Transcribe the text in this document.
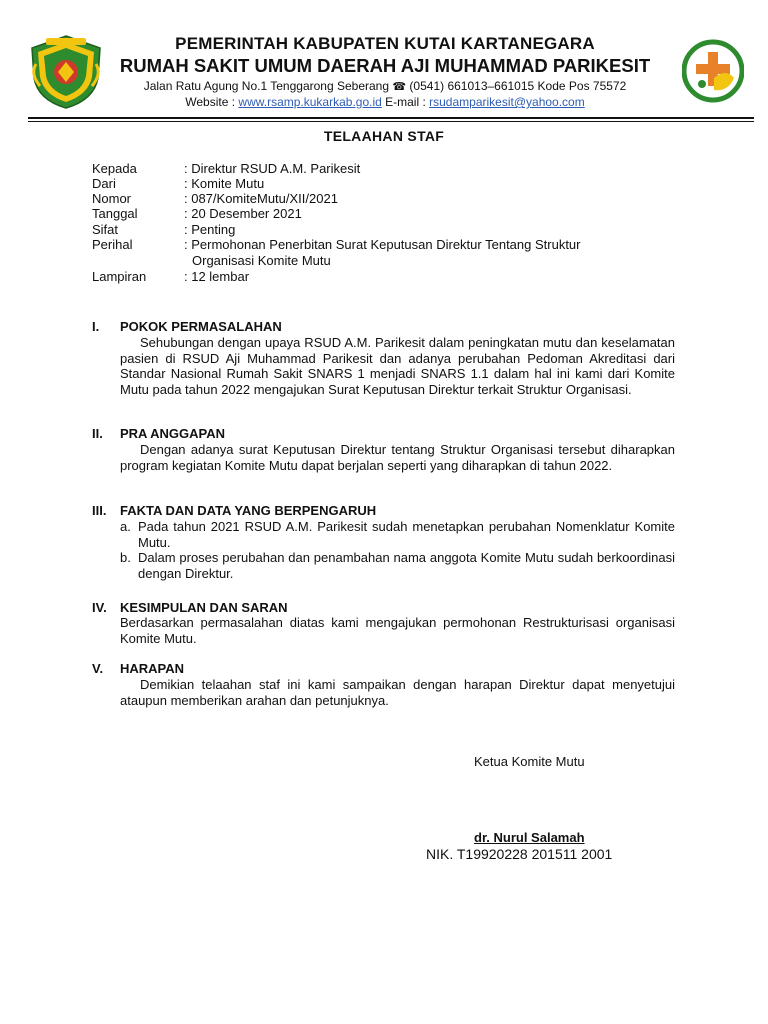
PEMERINTAH KABUPATEN KUTAI KARTANEGARA
RUMAH SAKIT UMUM DAERAH AJI MUHAMMAD PARIKESIT
Jalan Ratu Agung No.1 Tenggarong Seberang ☎ (0541) 661013–661015 Kode Pos 75572
Website : www.rsamp.kukarkab.go.id E-mail : rsudamparikesit@yahoo.com
TELAAHAN STAF
Kepada	: Direktur RSUD A.M. Parikesit
Dari	: Komite Mutu
Nomor	: 087/KomiteMutu/XII/2021
Tanggal	: 20 Desember 2021
Sifat	: Penting
Perihal	: Permohonan Penerbitan Surat Keputusan Direktur Tentang Struktur
Organisasi Komite Mutu
Lampiran	: 12 lembar
I. POKOK PERMASALAHAN
Sehubungan dengan upaya RSUD A.M. Parikesit dalam peningkatan mutu dan keselamatan pasien di RSUD Aji Muhammad Parikesit dan adanya perubahan Pedoman Akreditasi dari Standar Nasional Rumah Sakit SNARS 1 menjadi SNARS 1.1 dalam hal ini kami dari Komite Mutu pada tahun 2022 mengajukan Surat Keputusan Direktur terkait Struktur Organisasi.
II. PRA ANGGAPAN
Dengan adanya surat Keputusan Direktur tentang Struktur Organisasi tersebut diharapkan program kegiatan Komite Mutu dapat berjalan seperti yang diharapkan di tahun 2022.
III. FAKTA DAN DATA YANG BERPENGARUH
a. Pada tahun 2021 RSUD A.M. Parikesit sudah menetapkan perubahan Nomenklatur Komite Mutu.
b. Dalam proses perubahan dan penambahan nama anggota Komite Mutu sudah berkoordinasi dengan Direktur.
IV. KESIMPULAN DAN SARAN
Berdasarkan permasalahan diatas kami mengajukan permohonan Restrukturisasi organisasi Komite Mutu.
V. HARAPAN
Demikian telaahan staf ini kami sampaikan dengan harapan Direktur dapat menyetujui ataupun memberikan arahan dan petunjuknya.
Ketua Komite Mutu
dr. Nurul Salamah
NIK. T19920228 201511 2001
